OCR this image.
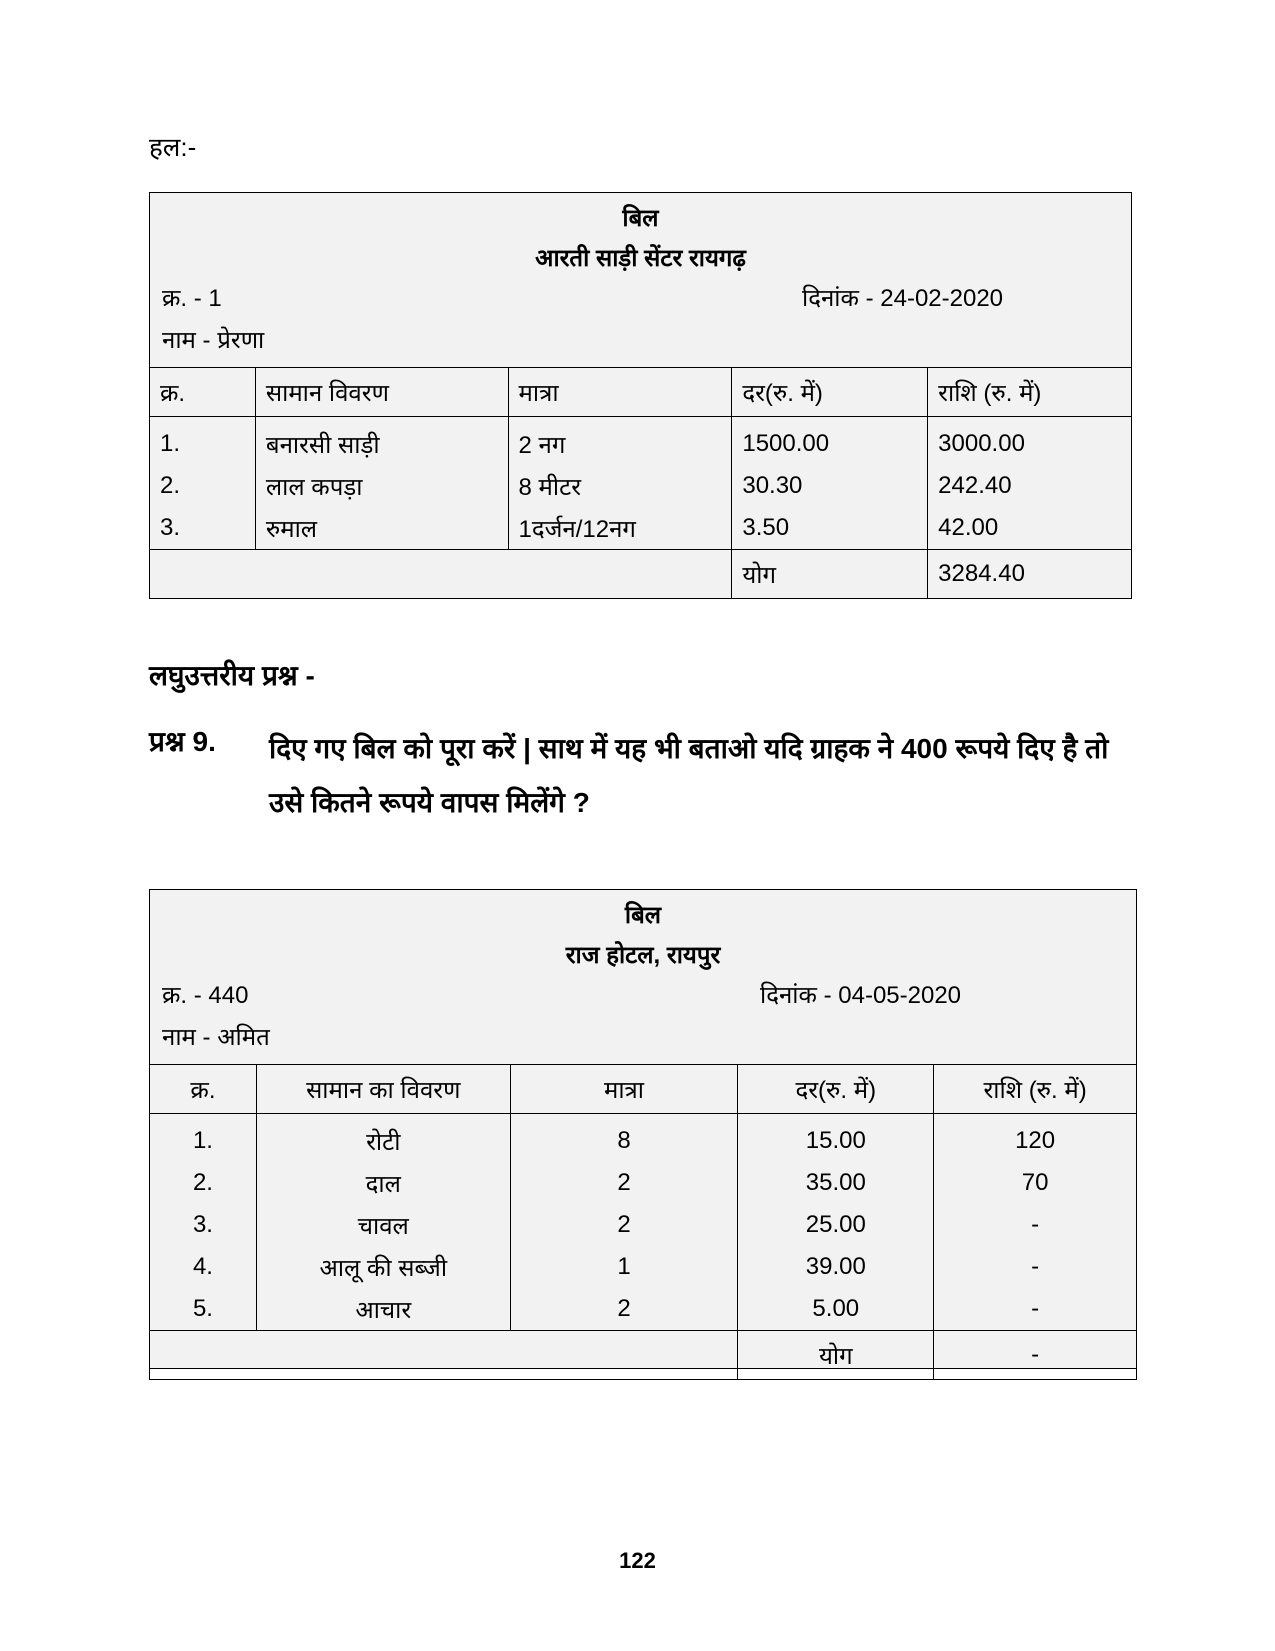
हल:-
बिल
आरती साड़ी सेंटर रायगढ़
क्र. - 1	दिनांक - 24-02-2020
नाम - प्रेरणा
क्र.	सामान विवरण	मात्रा	दर(रु. में)	राशि (रु. में)
1.	बनारसी साड़ी	2 नग	1500.00	3000.00
2.	लाल कपड़ा	8 मीटर	30.30	242.40
3.	रुमाल	1दर्जन/12नग	3.50	42.00
			योग	3284.40
लघुउत्तरीय प्रश्न -
प्रश्न 9. दिए गए बिल को पूरा करें | साथ में यह भी बताओ यदि ग्राहक ने 400 रूपये दिए है तो उसे कितने रूपये वापस मिलेंगे ?
बिल
राज होटल, रायपुर
क्र. - 440	दिनांक - 04-05-2020
नाम - अमित
क्र.	सामान का विवरण	मात्रा	दर(रु. में)	राशि (रु. में)
1.	रोटी	8	15.00	120
2.	दाल	2	35.00	70
3.	चावल	2	25.00	-
4.	आलू की सब्जी	1	39.00	-
5.	आचार	2	5.00	-
			योग	-
122
